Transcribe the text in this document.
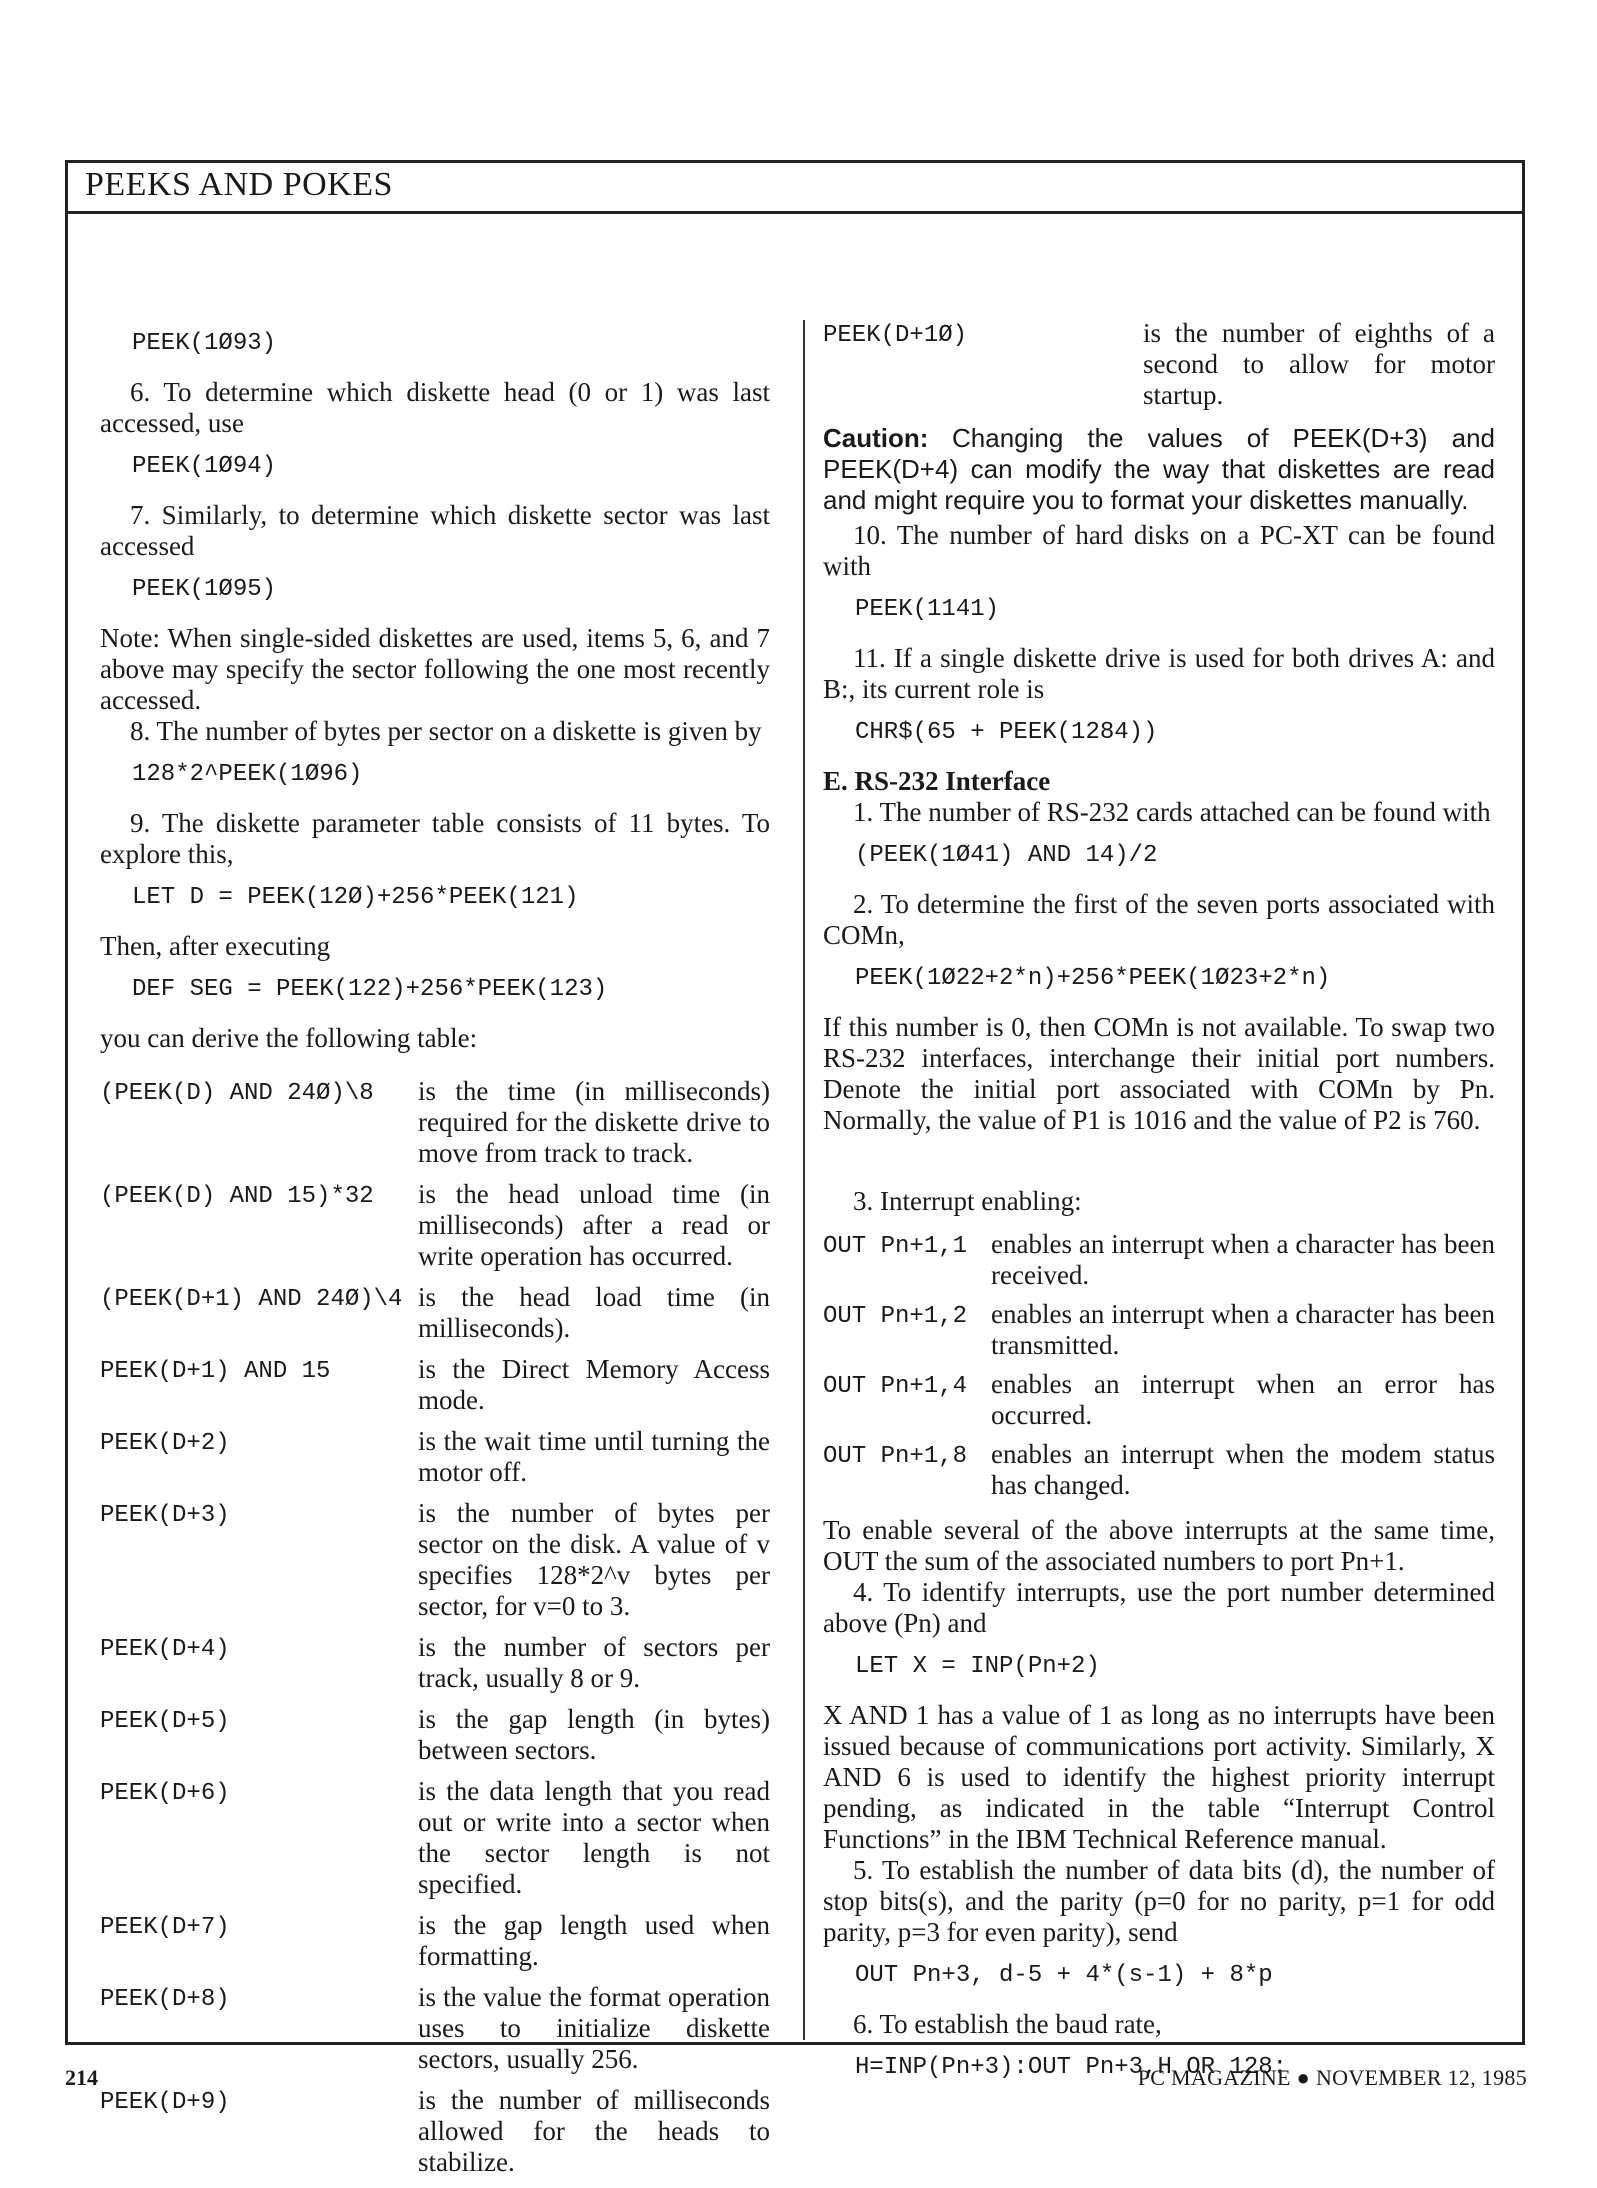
PEEKS AND POKES
PEEK(1Ø93)
6. To determine which diskette head (0 or 1) was last accessed, use
PEEK(1Ø94)
7. Similarly, to determine which diskette sector was last accessed
PEEK(1Ø95)
Note: When single-sided diskettes are used, items 5, 6, and 7 above may specify the sector following the one most recently accessed.
8. The number of bytes per sector on a diskette is given by
128*2^PEEK(1Ø96)
9. The diskette parameter table consists of 11 bytes. To explore this,
LET D = PEEK(12Ø)+256*PEEK(121)
Then, after executing
DEF SEG = PEEK(122)+256*PEEK(123)
you can derive the following table:
(PEEK(D) AND 24Ø)\8	is the time (in milliseconds) required for the diskette drive to move from track to track.
(PEEK(D) AND 15)*32	is the head unload time (in milliseconds) after a read or write operation has occurred.
(PEEK(D+1) AND 24Ø)\4 is the head load time (in milliseconds).
PEEK(D+1) AND 15	is the Direct Memory Access mode.
PEEK(D+2)	is the wait time until turning the motor off.
PEEK(D+3)	is the number of bytes per sector on the disk. A value of v specifies 128*2^v bytes per sector, for v=0 to 3.
PEEK(D+4)	is the number of sectors per track, usually 8 or 9.
PEEK(D+5)	is the gap length (in bytes) between sectors.
PEEK(D+6)	is the data length that you read out or write into a sector when the sector length is not specified.
PEEK(D+7)	is the gap length used when formatting.
PEEK(D+8)	is the value the format operation uses to initialize diskette sectors, usually 256.
PEEK(D+9)	is the number of milliseconds allowed for the heads to stabilize.
PEEK(D+1Ø)	is the number of eighths of a second to allow for motor startup.
Caution: Changing the values of PEEK(D+3) and PEEK(D+4) can modify the way that diskettes are read and might require you to format your diskettes manually.
10. The number of hard disks on a PC-XT can be found with
PEEK(1141)
11. If a single diskette drive is used for both drives A: and B:, its current role is
CHR$(65 + PEEK(1284))
E. RS-232 Interface
1. The number of RS-232 cards attached can be found with
(PEEK(1Ø41) AND 14)/2
2. To determine the first of the seven ports associated with COMn,
PEEK(1Ø22+2*n)+256*PEEK(1Ø23+2*n)
If this number is 0, then COMn is not available. To swap two RS-232 interfaces, interchange their initial port numbers. Denote the initial port associated with COMn by Pn. Normally, the value of P1 is 1016 and the value of P2 is 760.
3. Interrupt enabling:
OUT Pn+1,1 enables an interrupt when a character has been received.
OUT Pn+1,2 enables an interrupt when a character has been transmitted.
OUT Pn+1,4 enables an interrupt when an error has occurred.
OUT Pn+1,8 enables an interrupt when the modem status has changed.
To enable several of the above interrupts at the same time, OUT the sum of the associated numbers to port Pn+1.
4. To identify interrupts, use the port number determined above (Pn) and
LET X = INP(Pn+2)
X AND 1 has a value of 1 as long as no interrupts have been issued because of communications port activity. Similarly, X AND 6 is used to identify the highest priority interrupt pending, as indicated in the table “Interrupt Control Functions” in the IBM Technical Reference manual.
5. To establish the number of data bits (d), the number of stop bits(s), and the parity (p=0 for no parity, p=1 for odd parity, p=3 for even parity), send
OUT Pn+3, d-5 + 4*(s-1) + 8*p
6. To establish the baud rate,
H=INP(Pn+3):OUT Pn+3,H OR 128:
214	PC MAGAZINE ● NOVEMBER 12, 1985
